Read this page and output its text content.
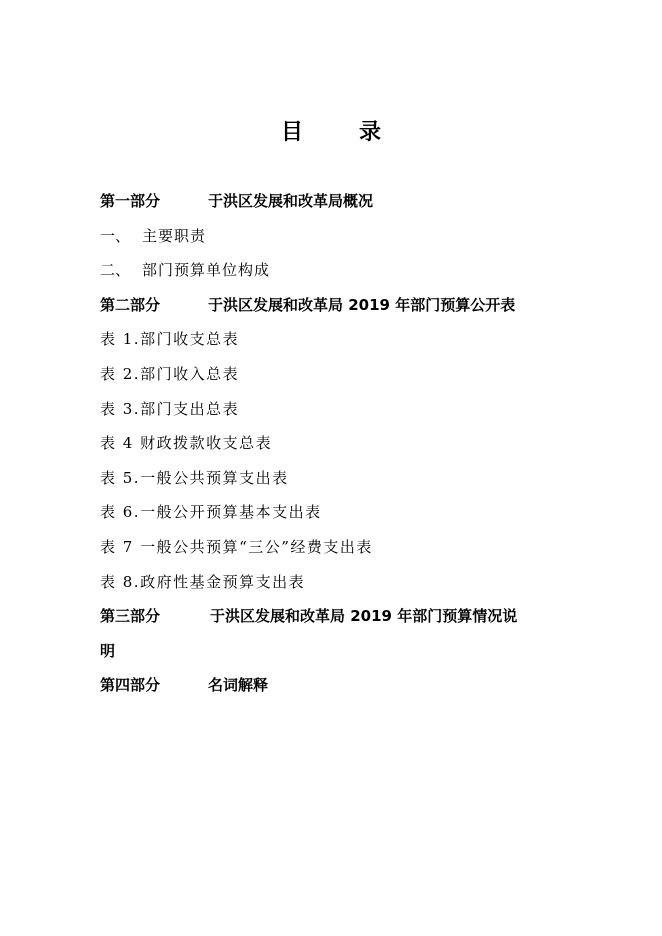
目	录
第一部分	于洪区发展和改革局概况
一、 主要职责
二、 部门预算单位构成
第二部分	于洪区发展和改革局 2019 年部门预算公开表
表 1.部门收支总表
表 2.部门收入总表
表 3.部门支出总表
表 4 财政拨款收支总表
表 5.一般公共预算支出表
表 6.一般公开预算基本支出表
表 7 一般公共预算“三公”经费支出表
表 8.政府性基金预算支出表
第三部分	于洪区发展和改革局 2019 年部门预算情况说
明
第四部分	名词解释
